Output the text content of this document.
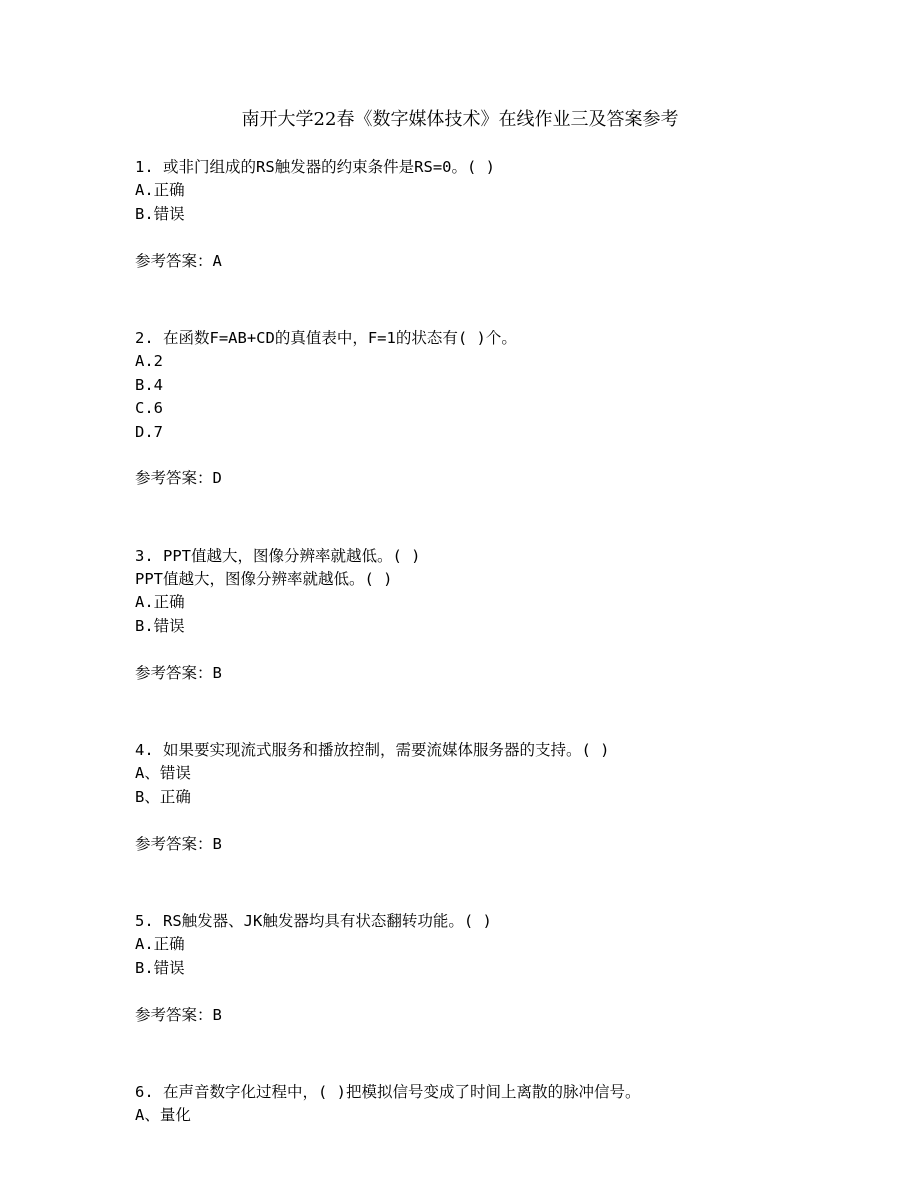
南开大学22春《数字媒体技术》在线作业三及答案参考
1. 或非门组成的RS触发器的约束条件是RS=0。( )
A.正确
B.错误
参考答案：A
2. 在函数F=AB+CD的真值表中，F=1的状态有( )个。
A.2
B.4
C.6
D.7
参考答案：D
3. PPT值越大，图像分辨率就越低。( )
PPT值越大，图像分辨率就越低。( )
A.正确
B.错误
参考答案：B
4. 如果要实现流式服务和播放控制，需要流媒体服务器的支持。( )
A、错误
B、正确
参考答案：B
5. RS触发器、JK触发器均具有状态翻转功能。( )
A.正确
B.错误
参考答案：B
6. 在声音数字化过程中，( )把模拟信号变成了时间上离散的脉冲信号。
A、量化
